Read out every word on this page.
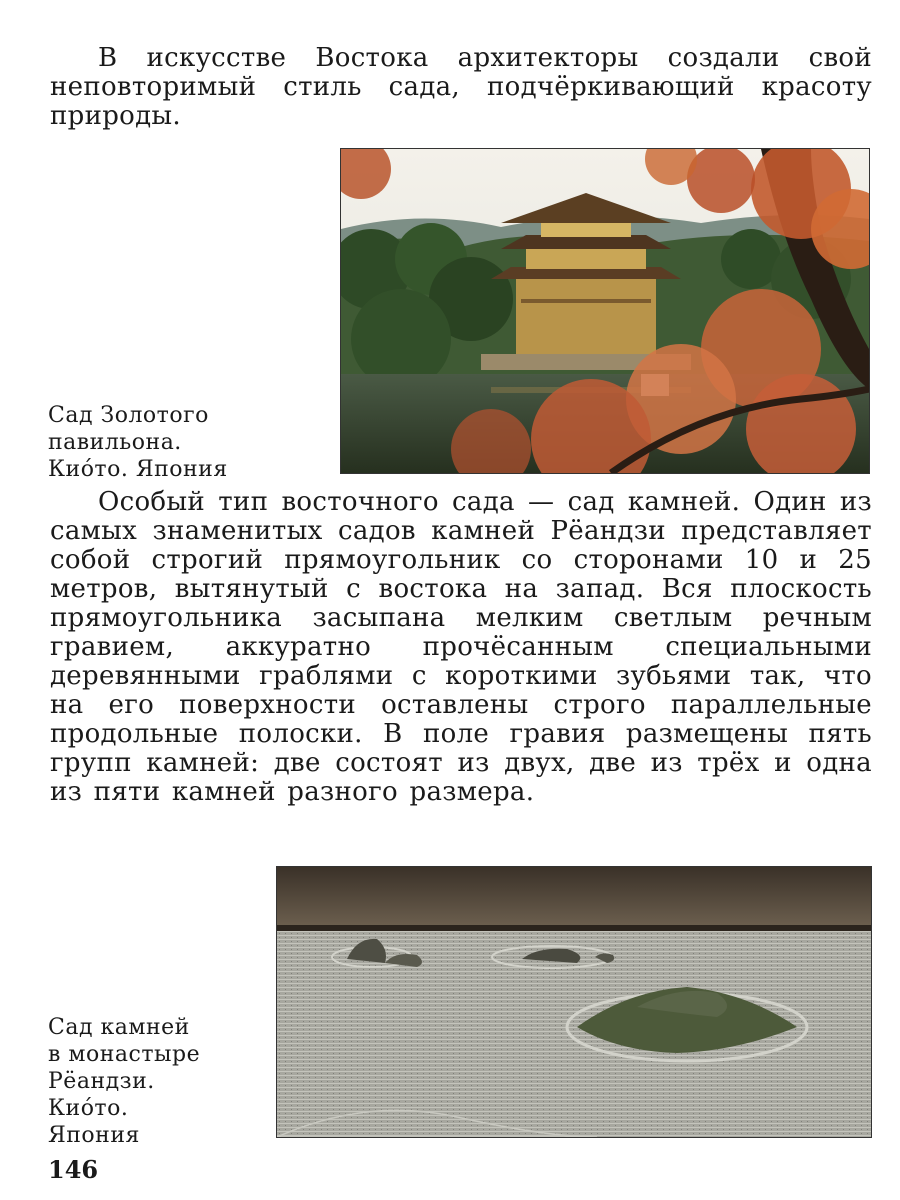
В искусстве Востока архитекторы создали свой неповторимый стиль сада, подчёркивающий красоту природы.

Сад Золотого
павильона.
Киóто. Япония

Особый тип восточного сада — сад камней. Один из самых знаменитых садов камней Рёандзи представляет собой строгий прямоугольник со сторонами 10 и 25 метров, вытянутый с востока на запад. Вся плоскость прямоугольника засыпана мелким светлым речным гравием, аккуратно прочёсанным специальными деревянными граблями с короткими зубьями так, что на его поверхности оставлены строго параллельные продольные полоски. В поле гравия размещены пять групп камней: две состоят из двух, две из трёх и одна из пяти камней разного размера.

Сад камней
в монастыре
Рёандзи.
Киóто.
Япония
146
